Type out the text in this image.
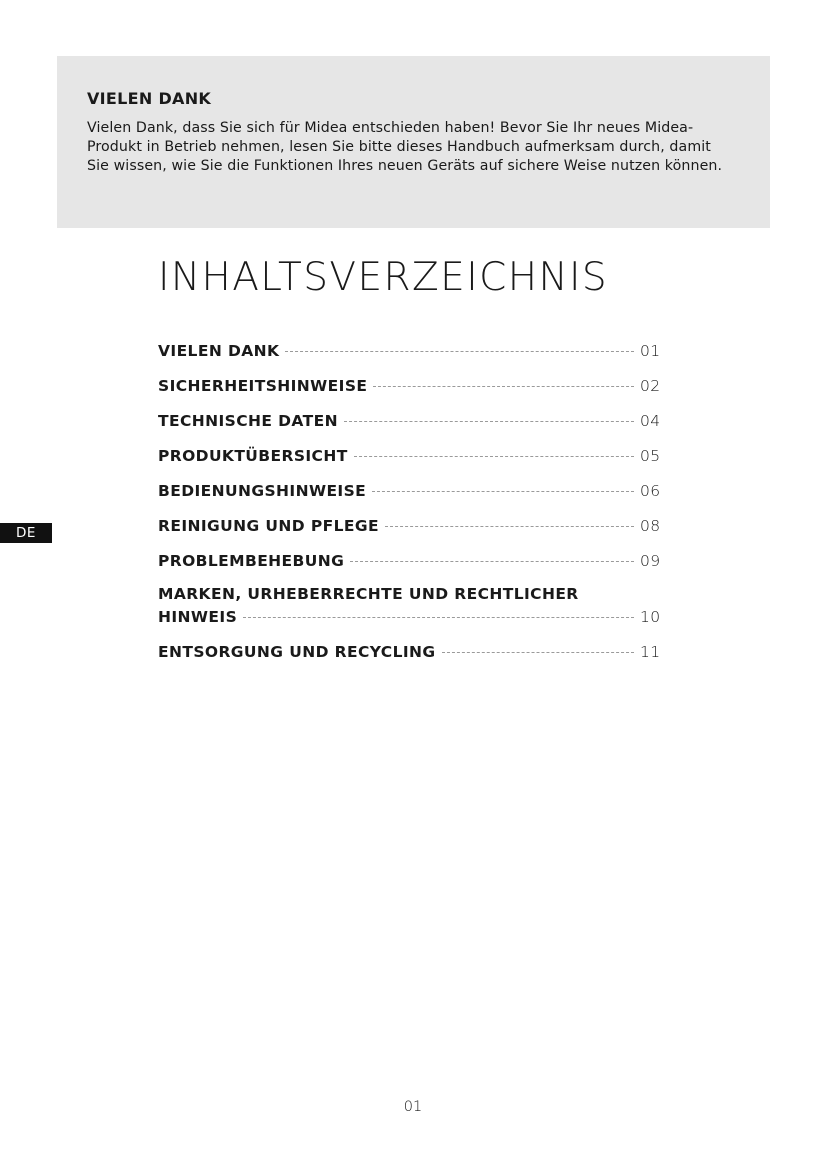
VIELEN DANK

Vielen Dank, dass Sie sich für Midea entschieden haben! Bevor Sie Ihr neues Midea-Produkt in Betrieb nehmen, lesen Sie bitte dieses Handbuch aufmerksam durch, damit Sie wissen, wie Sie die Funktionen Ihres neuen Geräts auf sichere Weise nutzen können.

INHALTSVERZEICHNIS
VIELEN DANK	01
SICHERHEITSHINWEISE	02
TECHNISCHE DATEN	04
PRODUKTÜBERSICHT	05
BEDIENUNGSHINWEISE	06
REINIGUNG UND PFLEGE	08
PROBLEMBEHEBUNG	09
MARKEN, URHEBERRECHTE UND RECHTLICHER
HINWEIS	10
ENTSORGUNG UND RECYCLING	11
DE
01
